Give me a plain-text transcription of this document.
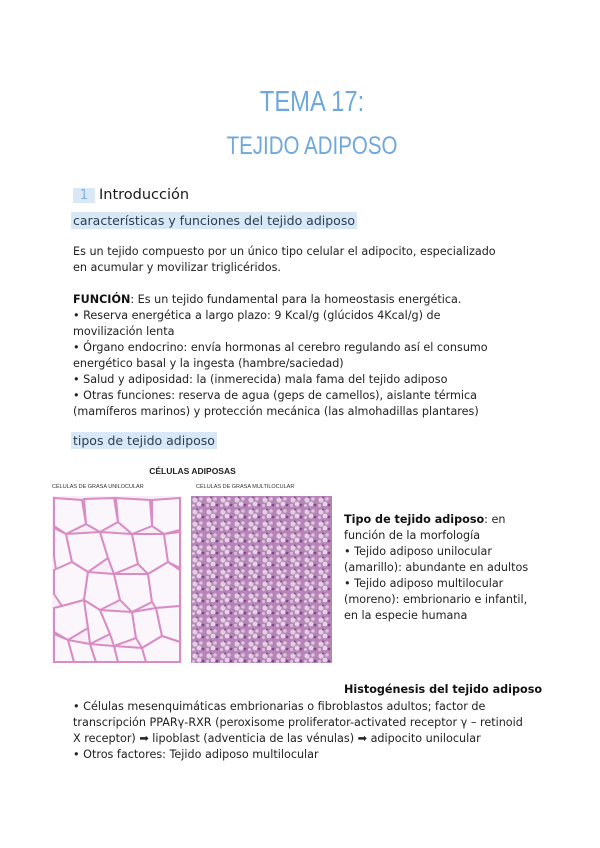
TEMA 17:
TEJIDO ADIPOSO
1 Introducción
características y funciones del tejido adiposo
Es un tejido compuesto por un único tipo celular el adipocito, especializado en acumular y movilizar triglicéridos.
FUNCIÓN: Es un tejido fundamental para la homeostasis energética.
• Reserva energética a largo plazo: 9 Kcal/g (glúcidos 4Kcal/g) de movilización lenta
• Órgano endocrino: envía hormonas al cerebro regulando así el consumo energético basal y la ingesta (hambre/saciedad)
• Salud y adiposidad: la (inmerecida) mala fama del tejido adiposo
• Otras funciones: reserva de agua (geps de camellos), aislante térmica (mamíferos marinos) y protección mecánica (las almohadillas plantares)
tipos de tejido adiposo
CÉLULAS ADIPOSAS
CÉLULAS DE GRASA UNILOCULAR	CÉLULAS DE GRASA MULTILOCULAR
Tipo de tejido adiposo: en función de la morfología
• Tejido adiposo unilocular (amarillo): abundante en adultos
• Tejido adiposo multilocular (moreno): embrionario e infantil, en la especie humana
Histogénesis del tejido adiposo
• Células mesenquimáticas embrionarias o fibroblastos adultos; factor de transcripción PPARγ-RXR (peroxisome proliferator-activated receptor γ – retinoid X receptor) ➡ lipoblast (adventicia de las vénulas) ➡ adipocito unilocular
• Otros factores: Tejido adiposo multilocular
